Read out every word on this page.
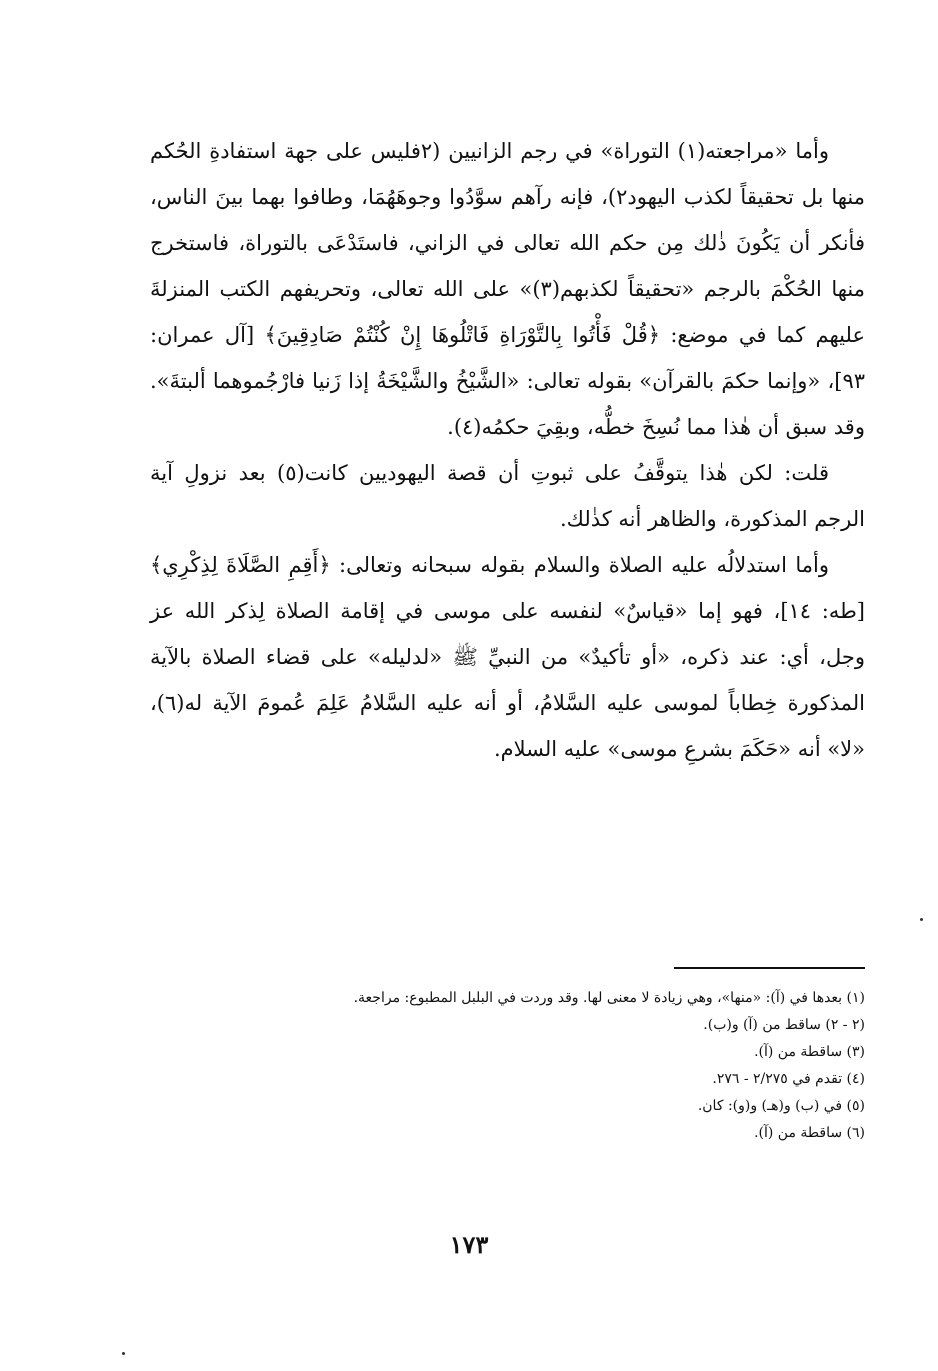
وأما «مراجعته(١) التوراة» في رجم الزانيين (٢فليس على جهة استفادةِ الحُكم منها بل تحقيقاً لكذب اليهود٢)، فإنه رآهم سوَّدُوا وجوهَهُمَا، وطافوا بهما بينَ الناس، فأنكر أن يَكُونَ ذٰلك مِن حكم الله تعالى في الزاني، فاستَدْعَى بالتوراة، فاستخرج منها الحُكْمَ بالرجم «تحقيقاً لكذبهم(٣)» على الله تعالى، وتحريفهم الكتب المنزلةَ عليهم كما في موضع: ﴿قُلْ فَأْتُوا بِالتَّوْرَاةِ فَاتْلُوهَا إِنْ كُنْتُمْ صَادِقِينَ﴾ [آل عمران: ٩٣]، «وإنما حكمَ بالقرآن» بقوله تعالى: «الشَّيْخُ والشَّيْخَةُ إذا زَنيا فارْجُموهما ألبتةَ». وقد سبق أن هٰذا مما نُسِخَ خطُّه، وبقِيَ حكمُه(٤).

قلت: لكن هٰذا يتوقَّفُ على ثبوتِ أن قصة اليهوديين كانت(٥) بعد نزولِ آية الرجم المذكورة، والظاهر أنه كذٰلك.

وأما استدلالُه عليه الصلاة والسلام بقوله سبحانه وتعالى: ﴿أَقِمِ الصَّلَاةَ لِذِكْرِي﴾ [طه: ١٤]، فهو إما «قياسٌ» لنفسه على موسى في إقامة الصلاة لِذكر الله عز وجل، أي: عند ذكره، «أو تأكيدٌ» من النبيِّ ﷺ «لدليله» على قضاء الصلاة بالآية المذكورة خِطاباً لموسى عليه السَّلامُ، أو أنه عليه السَّلامُ عَلِمَ عُمومَ الآية له(٦)، «لا» أنه «حَكَمَ بشرعِ موسى» عليه السلام.

(١) بعدها في (آ): «منها»، وهي زيادة لا معنى لها. وقد وردت في البلبل المطبوع: مراجعة.
(٢ - ٢) ساقط من (آ) و(ب).
(٣) ساقطة من (آ).
(٤) تقدم في ٢/٢٧٥ - ٢٧٦.
(٥) في (ب) و(هـ) و(و): كان.
(٦) ساقطة من (آ).
١٧٣
